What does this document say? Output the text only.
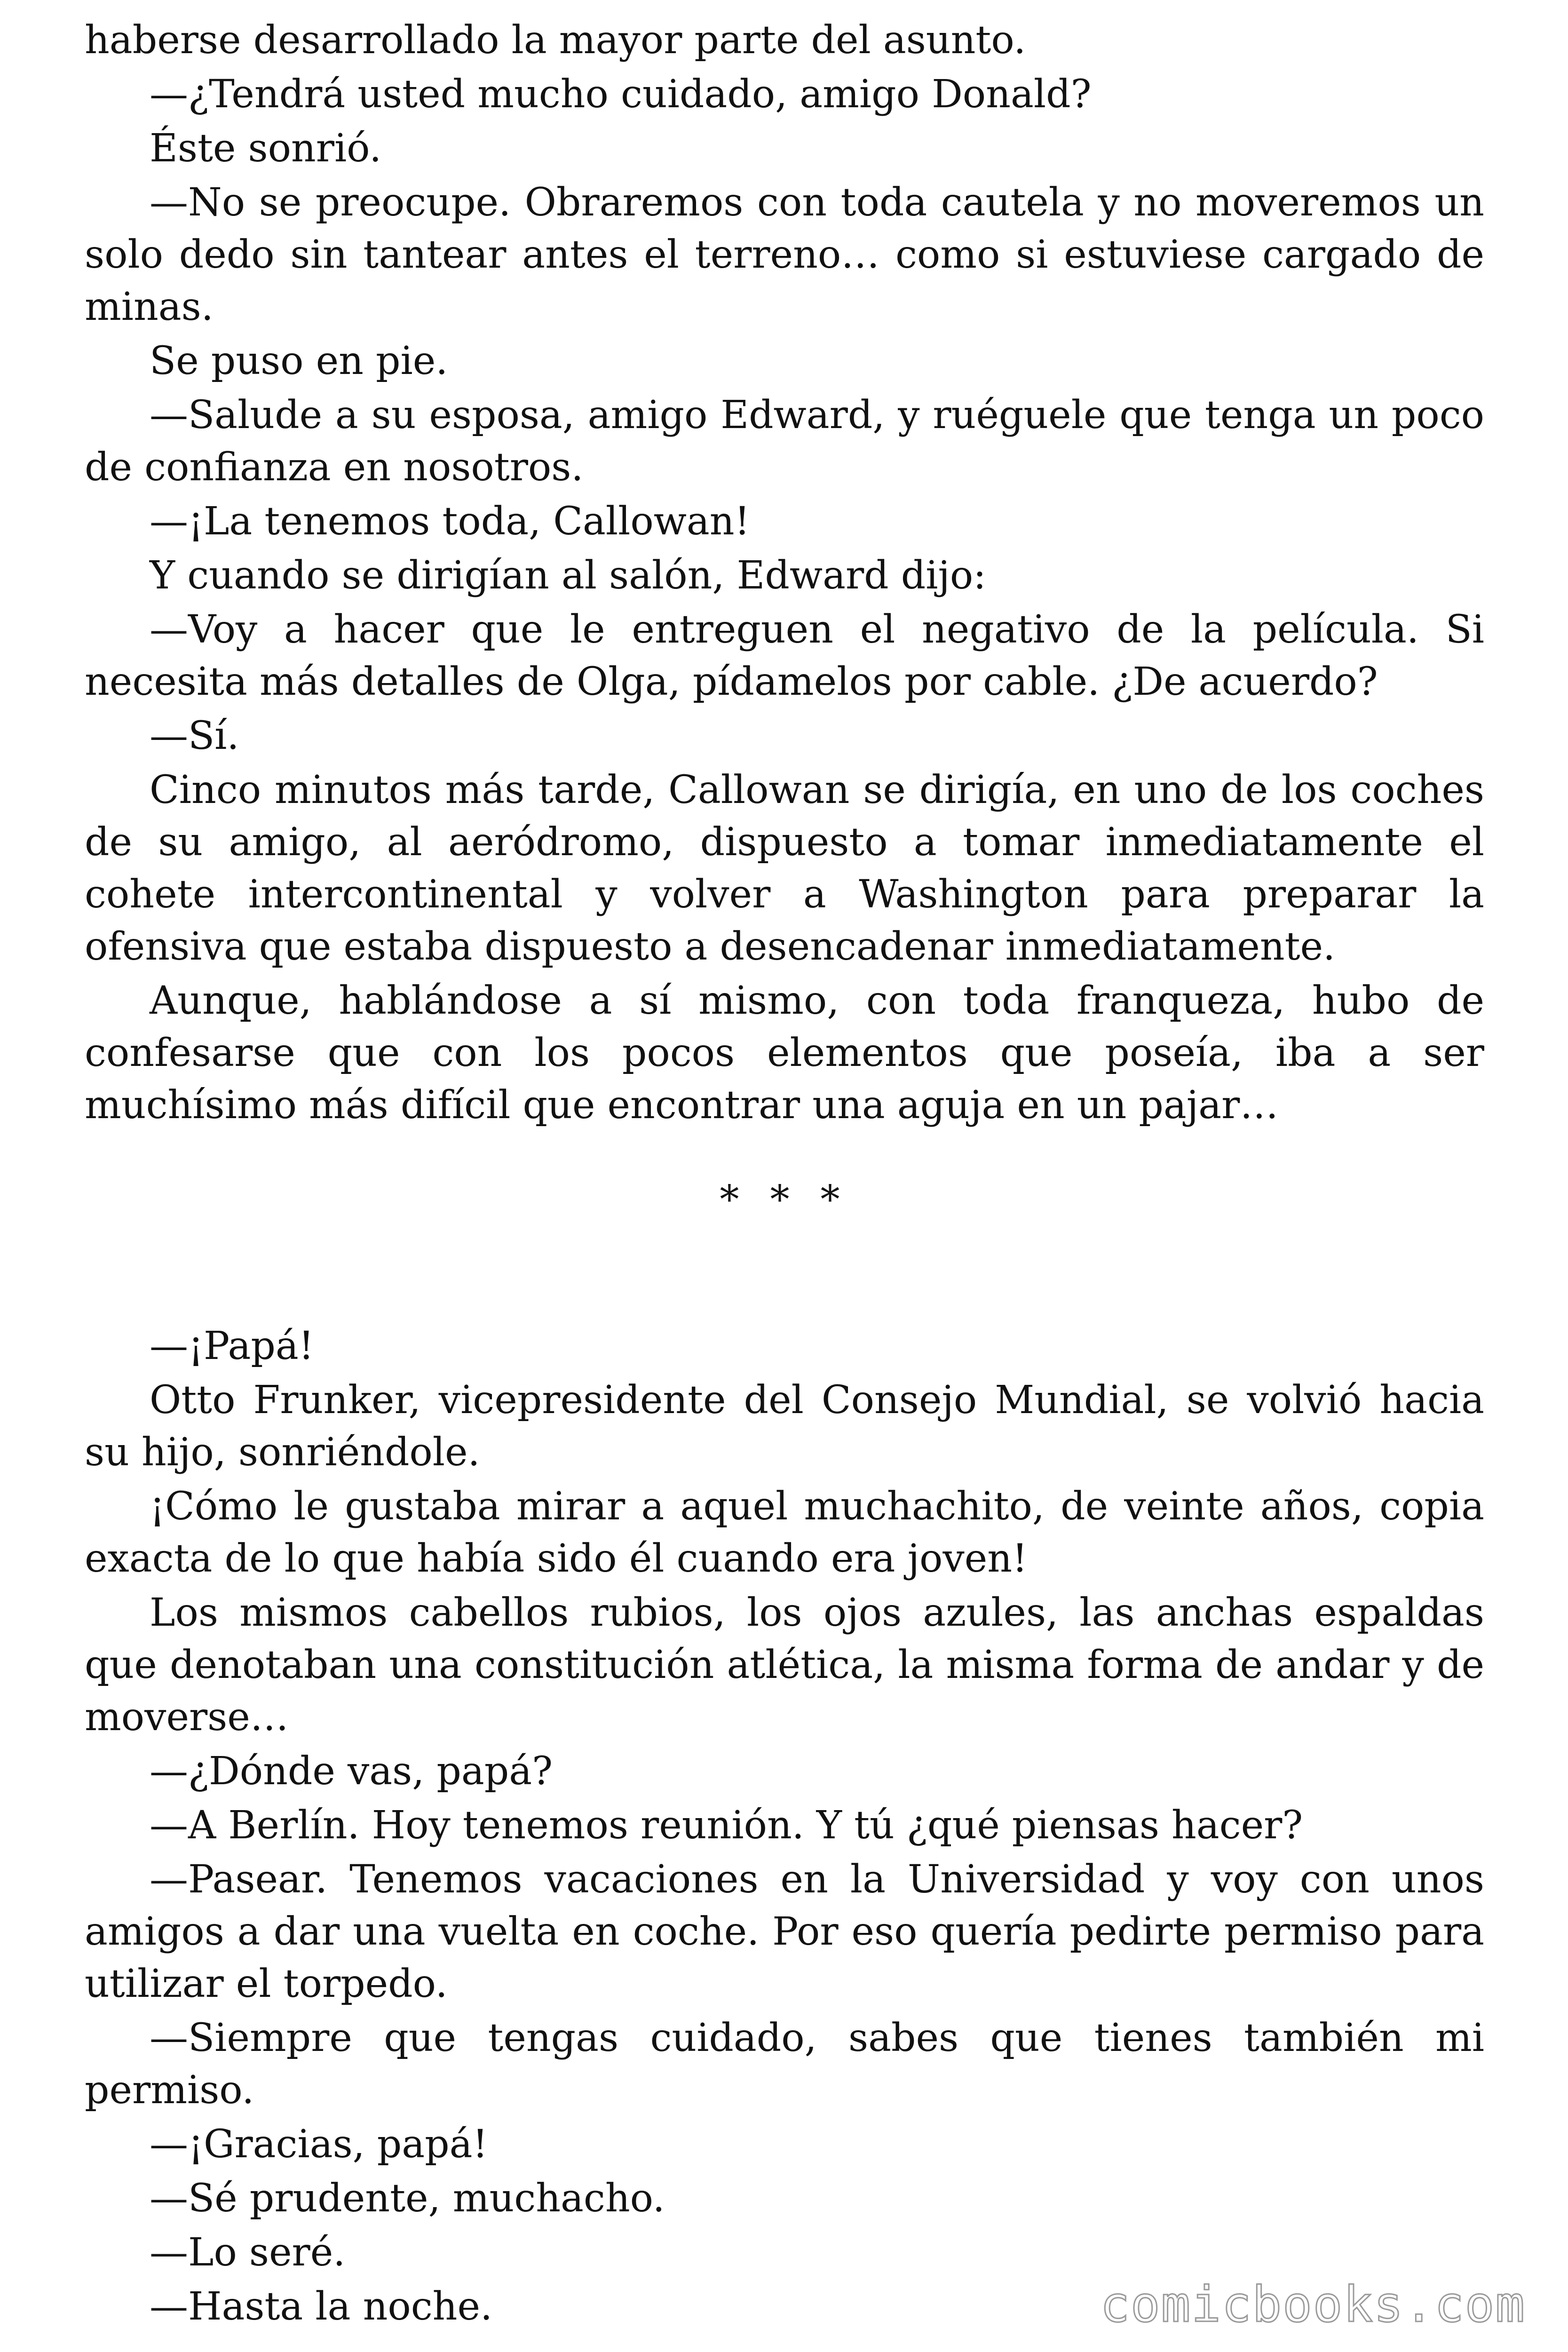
haberse desarrollado la mayor parte del asunto.

—¿Tendrá usted mucho cuidado, amigo Donald?

Éste sonrió.

—No se preocupe. Obraremos con toda cautela y no moveremos un solo dedo sin tantear antes el terreno… como si estuviese cargado de minas.

Se puso en pie.

—Salude a su esposa, amigo Edward, y ruéguele que tenga un poco de confianza en nosotros.

—¡La tenemos toda, Callowan!

Y cuando se dirigían al salón, Edward dijo:

—Voy a hacer que le entreguen el negativo de la película. Si necesita más detalles de Olga, pídamelos por cable. ¿De acuerdo?

—Sí.

Cinco minutos más tarde, Callowan se dirigía, en uno de los coches de su amigo, al aeródromo, dispuesto a tomar inmediatamente el cohete intercontinental y volver a Washington para preparar la ofensiva que estaba dispuesto a desencadenar inmediatamente.

Aunque, hablándose a sí mismo, con toda franqueza, hubo de confesarse que con los pocos elementos que poseía, iba a ser muchísimo más difícil que encontrar una aguja en un pajar…

* * *

—¡Papá!

Otto Frunker, vicepresidente del Consejo Mundial, se volvió hacia su hijo, sonriéndole.

¡Cómo le gustaba mirar a aquel muchachito, de veinte años, copia exacta de lo que había sido él cuando era joven!

Los mismos cabellos rubios, los ojos azules, las anchas espaldas que denotaban una constitución atlética, la misma forma de andar y de moverse…

—¿Dónde vas, papá?

—A Berlín. Hoy tenemos reunión. Y tú ¿qué piensas hacer?

—Pasear. Tenemos vacaciones en la Universidad y voy con unos amigos a dar una vuelta en coche. Por eso quería pedirte permiso para utilizar el torpedo.

—Siempre que tengas cuidado, sabes que tienes también mi permiso.

—¡Gracias, papá!

—Sé prudente, muchacho.

—Lo seré.

—Hasta la noche.	comicbooks.com
